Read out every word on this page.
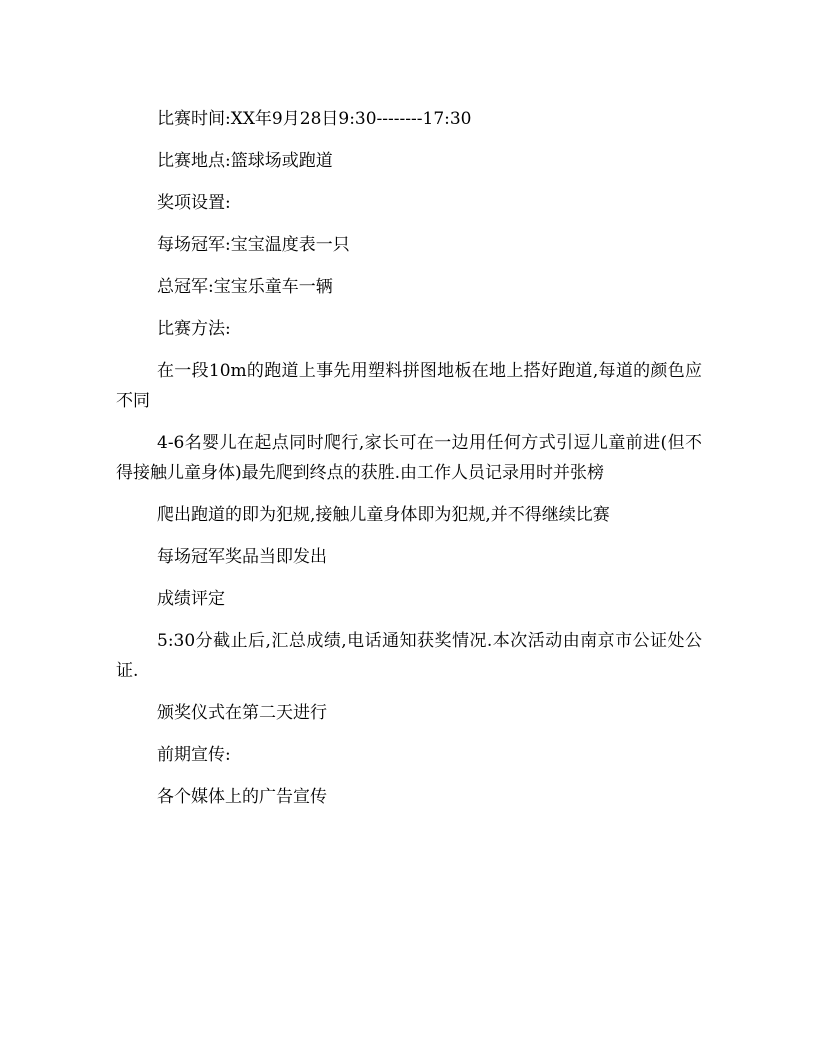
比赛时间:XX年9月28日9:30--------17:30

比赛地点:篮球场或跑道

奖项设置:

每场冠军:宝宝温度表一只

总冠军:宝宝乐童车一辆

比赛方法:

在一段10m的跑道上事先用塑料拼图地板在地上搭好跑道,每道的颜色应不同

4-6名婴儿在起点同时爬行,家长可在一边用任何方式引逗儿童前进(但不得接触儿童身体)最先爬到终点的获胜.由工作人员记录用时并张榜

爬出跑道的即为犯规,接触儿童身体即为犯规,并不得继续比赛

每场冠军奖品当即发出

成绩评定

5:30分截止后,汇总成绩,电话通知获奖情况.本次活动由南京市公证处公证.

颁奖仪式在第二天进行

前期宣传:

各个媒体上的广告宣传
